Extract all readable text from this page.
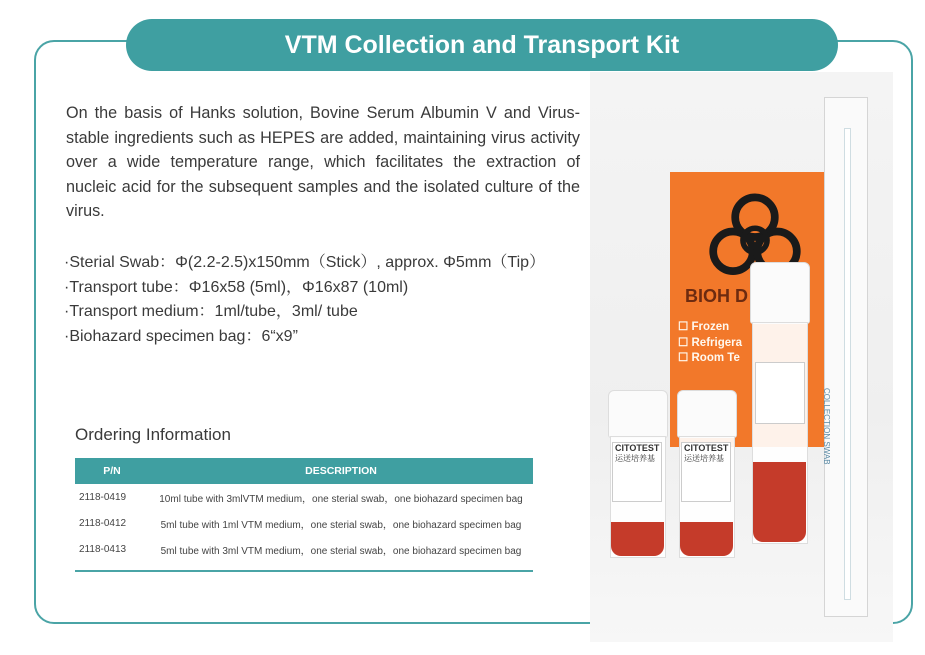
VTM Collection and Transport Kit
On the basis of Hanks solution, Bovine Serum Albumin V and Virus-stable ingredients such as HEPES are added, maintaining virus activity over a wide temperature range, which facilitates the extraction of nucleic acid for the subsequent samples and the isolated culture of the virus.
·Sterial Swab：Φ(2.2-2.5)x150mm（Stick）, approx. Φ5mm（Tip）
·Transport tube：Φ16x58 (5ml)，Φ16x87 (10ml)
·Transport medium：1ml/tube，3ml/ tube
·Biohazard specimen bag：6“x9”
Ordering Information
P/N	DESCRIPTION
2118-0419	10ml tube with 3mlVTM medium，one sterial swab，one biohazard specimen bag
2118-0412	5ml tube with 1ml VTM medium，one sterial swab，one biohazard specimen bag
2118-0413	5ml tube with 3ml VTM medium，one sterial swab，one biohazard specimen bag
BIOH D
☐ Frozen
☐ Refrigera
☐ Room Te
COLLECTION SWAB
CITOTEST
运送培养基
CITOTEST
运送培养基
